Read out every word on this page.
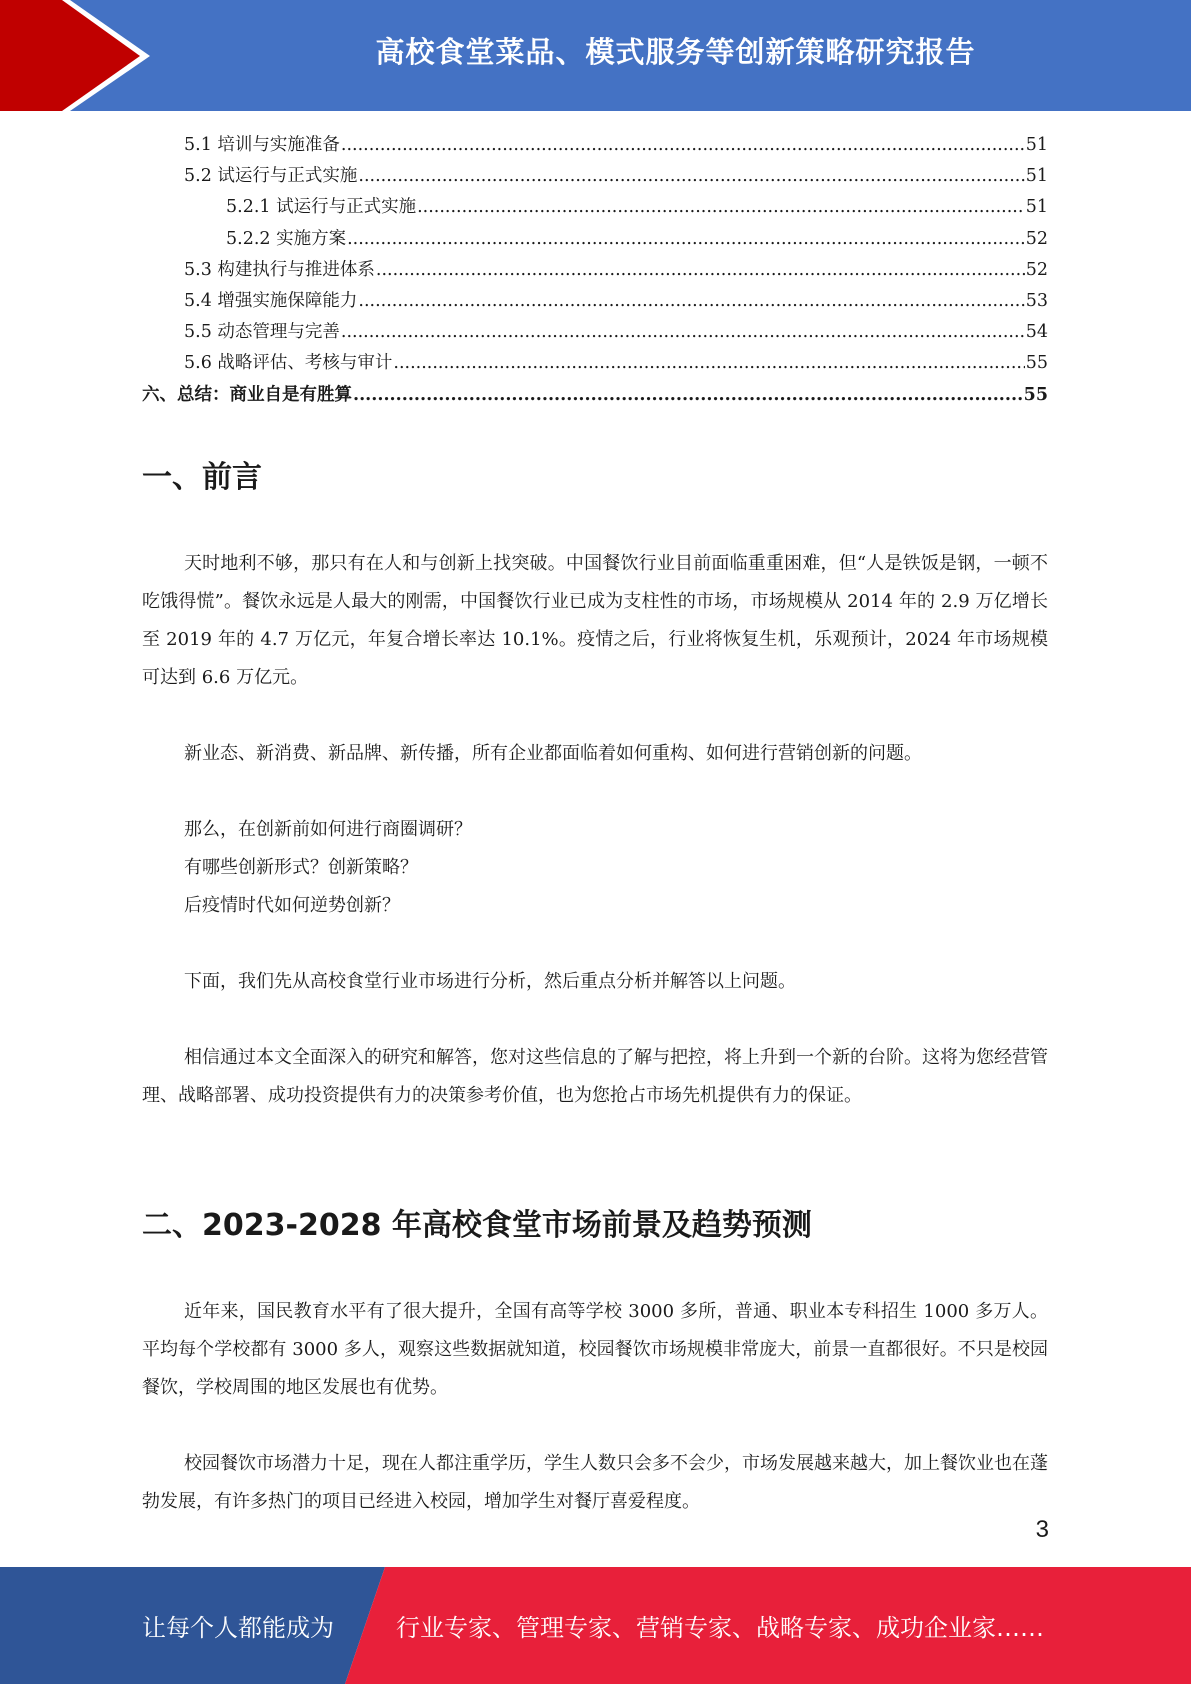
高校食堂菜品、模式服务等创新策略研究报告
5.1 培训与实施准备 .....	51
5.2 试运行与正式实施 .....	51
5.2.1 试运行与正式实施 .....	51
5.2.2 实施方案 .....	52
5.3 构建执行与推进体系 .....	52
5.4 增强实施保障能力 .....	53
5.5 动态管理与完善 .....	54
5.6 战略评估、考核与审计 .....	55
六、总结：商业自是有胜算 .....	55
一、前言

天时地利不够，那只有在人和与创新上找突破。中国餐饮行业目前面临重重困难，但“人是铁饭是钢，一顿不吃饿得慌”。餐饮永远是人最大的刚需，中国餐饮行业已成为支柱性的市场，市场规模从 2014 年的 2.9 万亿增长至 2019 年的 4.7 万亿元，年复合增长率达 10.1%。疫情之后，行业将恢复生机，乐观预计，2024 年市场规模可达到 6.6 万亿元。

新业态、新消费、新品牌、新传播，所有企业都面临着如何重构、如何进行营销创新的问题。

那么，在创新前如何进行商圈调研？

有哪些创新形式？创新策略？

后疫情时代如何逆势创新？

下面，我们先从高校食堂行业市场进行分析，然后重点分析并解答以上问题。

相信通过本文全面深入的研究和解答，您对这些信息的了解与把控，将上升到一个新的台阶。这将为您经营管理、战略部署、成功投资提供有力的决策参考价值，也为您抢占市场先机提供有力的保证。

二、2023-2028 年高校食堂市场前景及趋势预测

近年来，国民教育水平有了很大提升，全国有高等学校 3000 多所，普通、职业本专科招生 1000 多万人。平均每个学校都有 3000 多人，观察这些数据就知道，校园餐饮市场规模非常庞大，前景一直都很好。不只是校园餐饮，学校周围的地区发展也有优势。

校园餐饮市场潜力十足，现在人都注重学历，学生人数只会多不会少，市场发展越来越大，加上餐饮业也在蓬勃发展，有许多热门的项目已经进入校园，增加学生对餐厅喜爱程度。

3
让每个人都能成为	行业专家、管理专家、营销专家、战略专家、成功企业家……
